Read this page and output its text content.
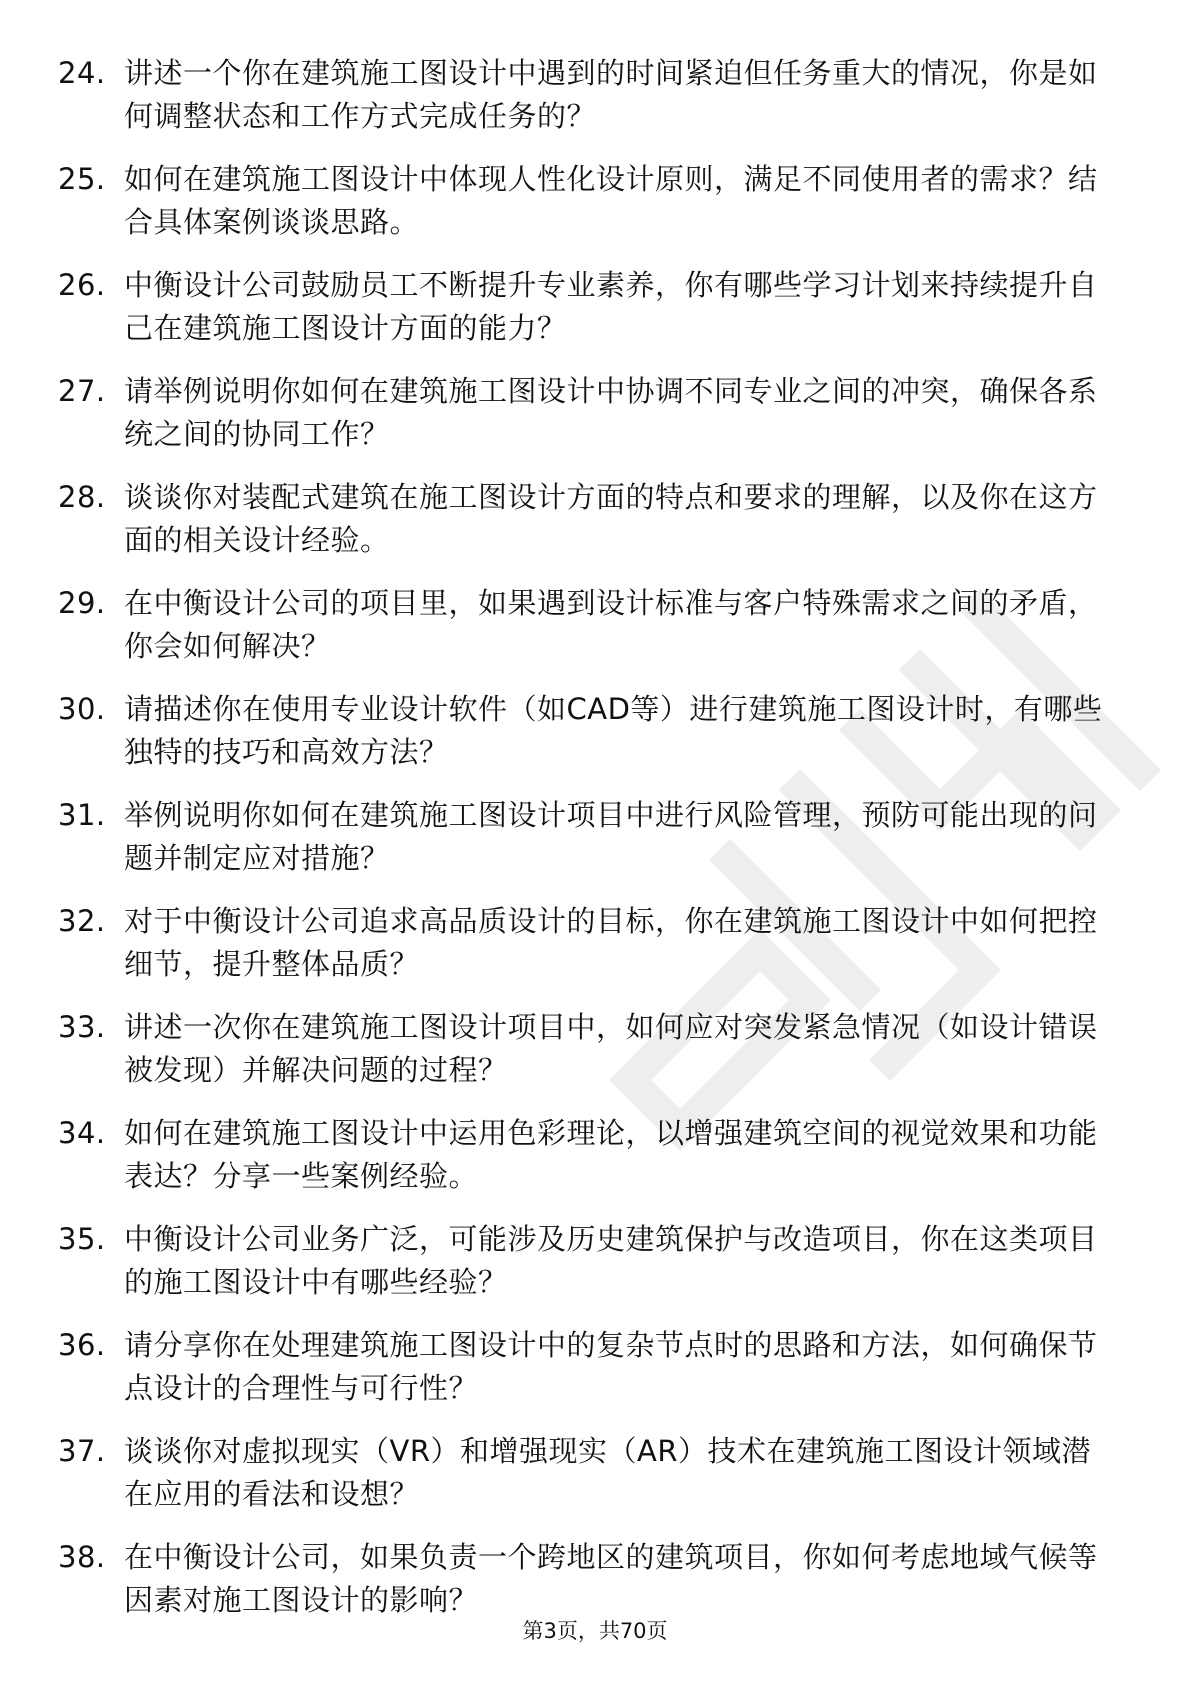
24. 讲述一个你在建筑施工图设计中遇到的时间紧迫但任务重大的情况，你是如何调整状态和工作方式完成任务的？
25. 如何在建筑施工图设计中体现人性化设计原则，满足不同使用者的需求？结合具体案例谈谈思路。
26. 中衡设计公司鼓励员工不断提升专业素养，你有哪些学习计划来持续提升自己在建筑施工图设计方面的能力？
27. 请举例说明你如何在建筑施工图设计中协调不同专业之间的冲突，确保各系统之间的协同工作？
28. 谈谈你对装配式建筑在施工图设计方面的特点和要求的理解，以及你在这方面的相关设计经验。
29. 在中衡设计公司的项目里，如果遇到设计标准与客户特殊需求之间的矛盾，你会如何解决？
30. 请描述你在使用专业设计软件（如CAD等）进行建筑施工图设计时，有哪些独特的技巧和高效方法？
31. 举例说明你如何在建筑施工图设计项目中进行风险管理，预防可能出现的问题并制定应对措施？
32. 对于中衡设计公司追求高品质设计的目标，你在建筑施工图设计中如何把控细节，提升整体品质？
33. 讲述一次你在建筑施工图设计项目中，如何应对突发紧急情况（如设计错误被发现）并解决问题的过程？
34. 如何在建筑施工图设计中运用色彩理论，以增强建筑空间的视觉效果和功能表达？分享一些案例经验。
35. 中衡设计公司业务广泛，可能涉及历史建筑保护与改造项目，你在这类项目的施工图设计中有哪些经验？
36. 请分享你在处理建筑施工图设计中的复杂节点时的思路和方法，如何确保节点设计的合理性与可行性？
37. 谈谈你对虚拟现实（VR）和增强现实（AR）技术在建筑施工图设计领域潜在应用的看法和设想？
38. 在中衡设计公司，如果负责一个跨地区的建筑项目，你如何考虑地域气候等因素对施工图设计的影响？
第3页，共70页
